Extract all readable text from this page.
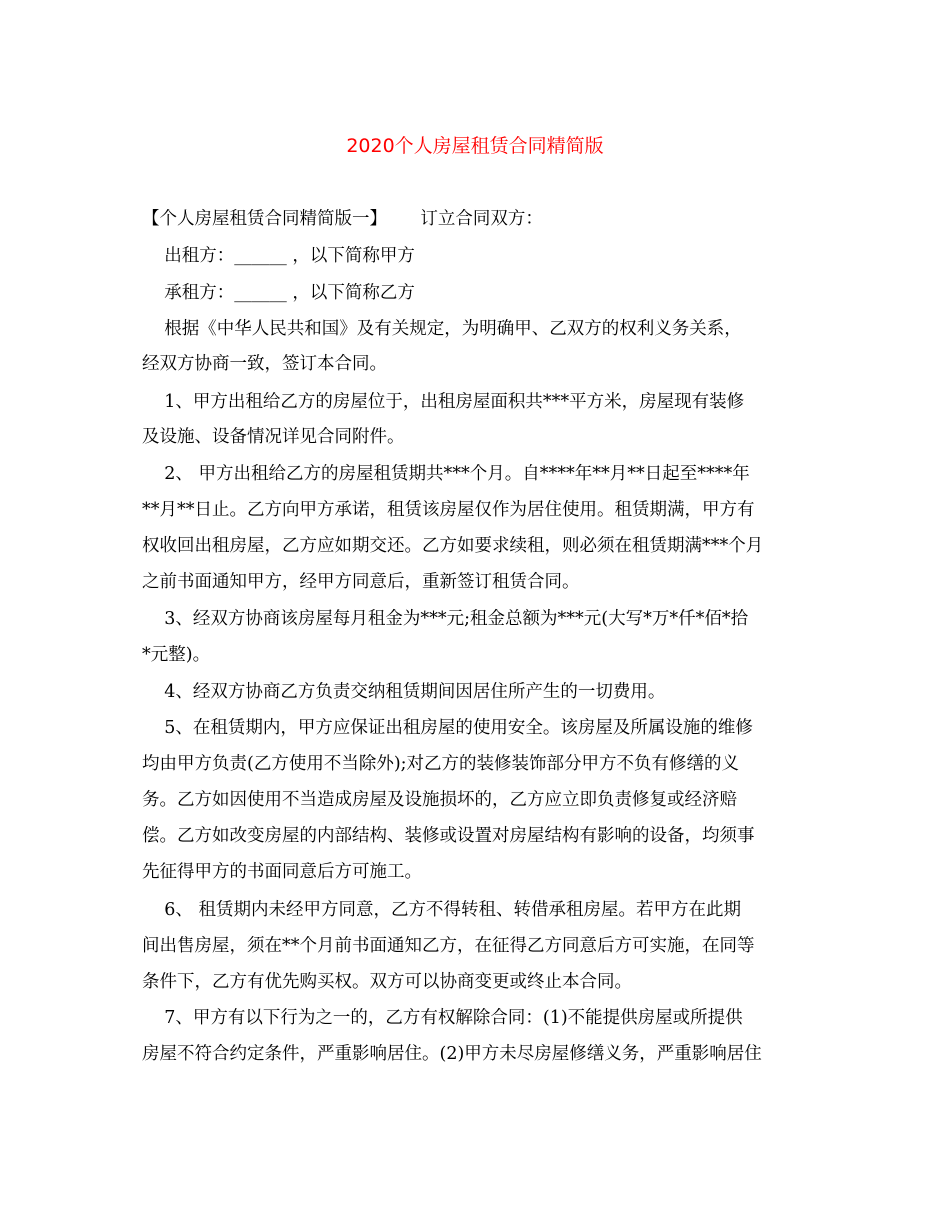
2020个人房屋租赁合同精简版
【个人房屋租赁合同精简版一】      订立合同双方：
出租方：______ ，以下简称甲方
承租方：______ ，以下简称乙方
根据《中华人民共和国》及有关规定，为明确甲、乙双方的权利义务关系，
经双方协商一致，签订本合同。
1、甲方出租给乙方的房屋位于，出租房屋面积共***平方米，房屋现有装修
及设施、设备情况详见合同附件。
2、 甲方出租给乙方的房屋租赁期共***个月。自****年**月**日起至****年
**月**日止。乙方向甲方承诺，租赁该房屋仅作为居住使用。租赁期满，甲方有
权收回出租房屋，乙方应如期交还。乙方如要求续租，则必须在租赁期满***个月
之前书面通知甲方，经甲方同意后，重新签订租赁合同。
3、经双方协商该房屋每月租金为***元;租金总额为***元(大写*万*仟*佰*拾
*元整)。
4、经双方协商乙方负责交纳租赁期间因居住所产生的一切费用。
5、在租赁期内，甲方应保证出租房屋的使用安全。该房屋及所属设施的维修
均由甲方负责(乙方使用不当除外);对乙方的装修装饰部分甲方不负有修缮的义
务。乙方如因使用不当造成房屋及设施损坏的，乙方应立即负责修复或经济赔
偿。乙方如改变房屋的内部结构、装修或设置对房屋结构有影响的设备，均须事
先征得甲方的书面同意后方可施工。
6、 租赁期内未经甲方同意，乙方不得转租、转借承租房屋。若甲方在此期
间出售房屋，须在**个月前书面通知乙方，在征得乙方同意后方可实施，在同等
条件下，乙方有优先购买权。双方可以协商变更或终止本合同。
7、甲方有以下行为之一的，乙方有权解除合同：(1)不能提供房屋或所提供
房屋不符合约定条件，严重影响居住。(2)甲方未尽房屋修缮义务，严重影响居住
